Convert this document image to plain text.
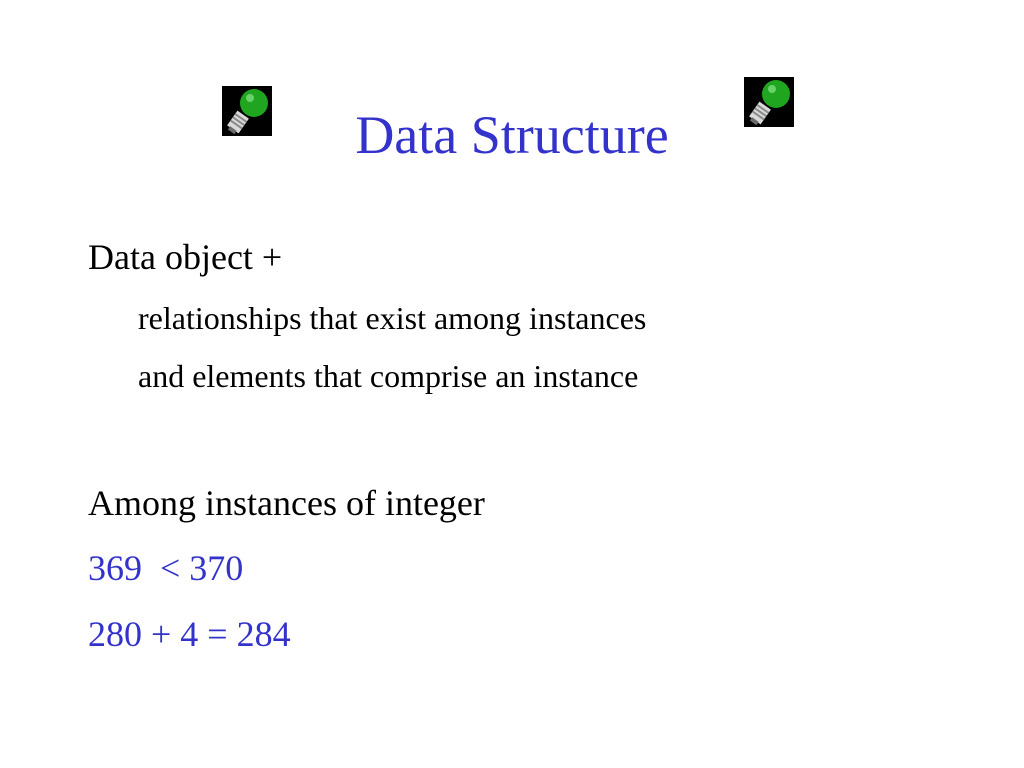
Data Structure
Data object +
relationships that exist among instances
and elements that comprise an instance
Among instances of integer
369  < 370
280 + 4 = 284
